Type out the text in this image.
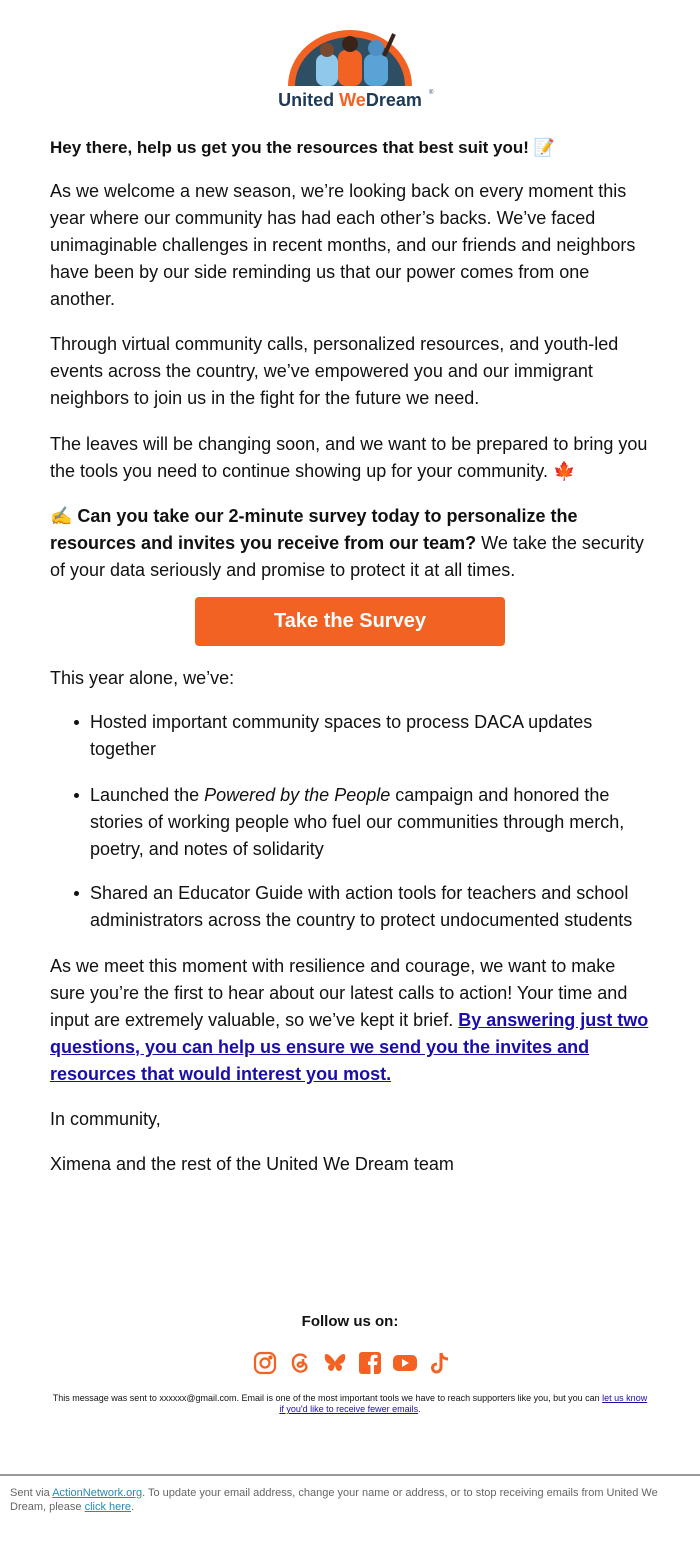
United WeDream ®

Hey there, help us get you the resources that best suit you! 📝

As we welcome a new season, we’re looking back on every moment this year where our community has had each other’s backs. We’ve faced unimaginable challenges in recent months, and our friends and neighbors have been by our side reminding us that our power comes from one another.

Through virtual community calls, personalized resources, and youth-led events across the country, we’ve empowered you and our immigrant neighbors to join us in the fight for the future we need.

The leaves will be changing soon, and we want to be prepared to bring you the tools you need to continue showing up for your community. 🍁

✍️ Can you take our 2-minute survey today to personalize the resources and invites you receive from our team? We take the security of your data seriously and promise to protect it at all times.

Take the Survey

This year alone, we’ve:

Hosted important community spaces to process DACA updates together
Launched the Powered by the People campaign and honored the stories of working people who fuel our communities through merch, poetry, and notes of solidarity
Shared an Educator Guide with action tools for teachers and school administrators across the country to protect undocumented students

As we meet this moment with resilience and courage, we want to make sure you’re the first to hear about our latest calls to action! Your time and input are extremely valuable, so we’ve kept it brief. By answering just two questions, you can help us ensure we send you the invites and resources that would interest you most.

In community,

Ximena and the rest of the United We Dream team

Follow us on:
This message was sent to xxxxxx@gmail.com. Email is one of the most important tools we have to reach supporters like you, but you can let us know if you'd like to receive fewer emails.
Sent via ActionNetwork.org. To update your email address, change your name or address, or to stop receiving emails from United We Dream, please click here.
